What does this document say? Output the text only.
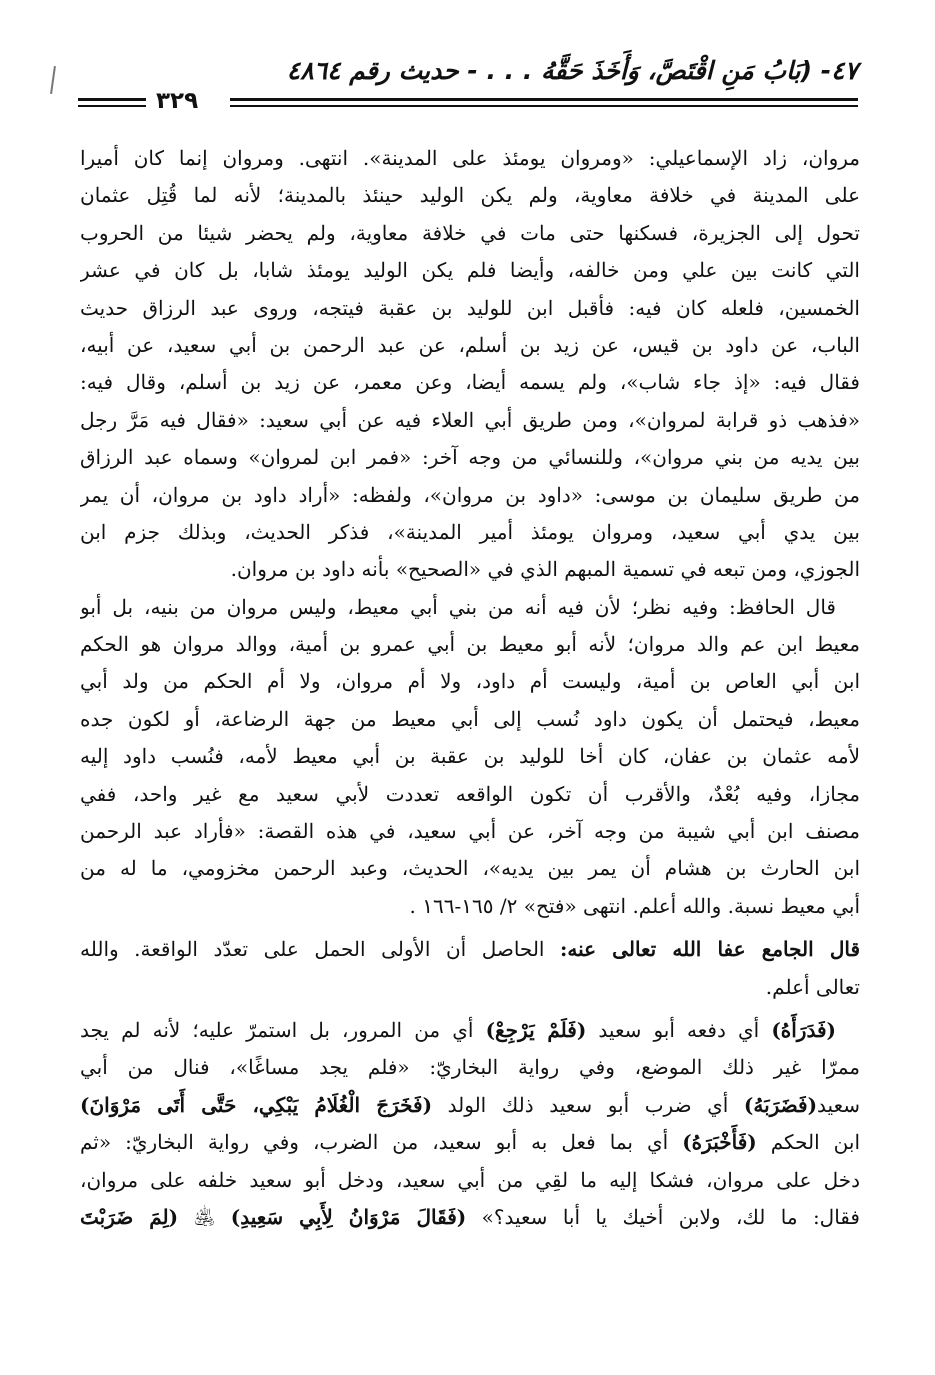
٤٧- (بَابُ مَنِ اقْتَصَّ، وَأَخَذَ حَقَّهُ . . . - حديث رقم ٤٨٦٤
٣٢٩
مروان، زاد الإسماعيلي: «ومروان يومئذ على المدينة». انتهى. ومروان إنما كان أميرا
على المدينة في خلافة معاوية، ولم يكن الوليد حينئذ بالمدينة؛ لأنه لما قُتِل عثمان
تحول إلى الجزيرة، فسكنها حتى مات في خلافة معاوية، ولم يحضر شيئا من الحروب
التي كانت بين علي ومن خالفه، وأيضا فلم يكن الوليد يومئذ شابا، بل كان في عشر
الخمسين، فلعله كان فيه: فأقبل ابن للوليد بن عقبة فيتجه، وروى عبد الرزاق حديث
الباب، عن داود بن قيس، عن زيد بن أسلم، عن عبد الرحمن بن أبي سعيد، عن أبيه،
فقال فيه: «إذ جاء شاب»، ولم يسمه أيضا، وعن معمر، عن زيد بن أسلم، وقال فيه:
«فذهب ذو قرابة لمروان»، ومن طريق أبي العلاء فيه عن أبي سعيد: «فقال فيه مَرَّ رجل
بين يديه من بني مروان»، وللنسائي من وجه آخر: «فمر ابن لمروان» وسماه عبد الرزاق
من طريق سليمان بن موسى: «داود بن مروان»، ولفظه: «أراد داود بن مروان، أن يمر
بين يدي أبي سعيد، ومروان يومئذ أمير المدينة»، فذكر الحديث، وبذلك جزم ابن
الجوزي، ومن تبعه في تسمية المبهم الذي في «الصحيح» بأنه داود بن مروان.
قال الحافظ: وفيه نظر؛ لأن فيه أنه من بني أبي معيط، وليس مروان من بنيه، بل أبو
معيط ابن عم والد مروان؛ لأنه أبو معيط بن أبي عمرو بن أمية، ووالد مروان هو الحكم
ابن أبي العاص بن أمية، وليست أم داود، ولا أم مروان، ولا أم الحكم من ولد أبي
معيط، فيحتمل أن يكون داود نُسب إلى أبي معيط من جهة الرضاعة، أو لكون جده
لأمه عثمان بن عفان، كان أخا للوليد بن عقبة بن أبي معيط لأمه، فنُسب داود إليه
مجازا، وفيه بُعْدٌ، والأقرب أن تكون الواقعه تعددت لأبي سعيد مع غير واحد، ففي
مصنف ابن أبي شيبة من وجه آخر، عن أبي سعيد، في هذه القصة: «فأراد عبد الرحمن
ابن الحارث بن هشام أن يمر بين يديه»، الحديث، وعبد الرحمن مخزومي، ما له من
أبي معيط نسبة. والله أعلم. انتهى «فتح» ٢/ ١٦٥-١٦٦ .
قال الجامع عفا الله تعالى عنه: الحاصل أن الأولى الحمل على تعدّد الواقعة. والله
تعالى أعلم.
(فَدَرَأَهُ) أي دفعه أبو سعيد (فَلَمْ يَرْجِعْ) أي من المرور، بل استمرّ عليه؛ لأنه لم يجد
ممرّا غير ذلك الموضع، وفي رواية البخاريّ: «فلم يجد مساغًا»، فنال من أبي
سعيد(فَضَرَبَهُ) أي ضرب أبو سعيد ذلك الولد (فَخَرَجَ الْغُلَامُ يَبْكِي، حَتَّى أَتَى مَرْوَانَ)
ابن الحكم (فَأَخْبَرَهُ) أي بما فعل به أبو سعيد، من الضرب، وفي رواية البخاريّ: «ثم
دخل على مروان، فشكا إليه ما لقِي من أبي سعيد، ودخل أبو سعيد خلفه على مروان،
فقال: ما لك، ولابن أخيك يا أبا سعيد؟» (فَقَالَ مَرْوَانُ لِأَبِي سَعِيدِ) ﵁ (لِمَ ضَرَبْتَ
